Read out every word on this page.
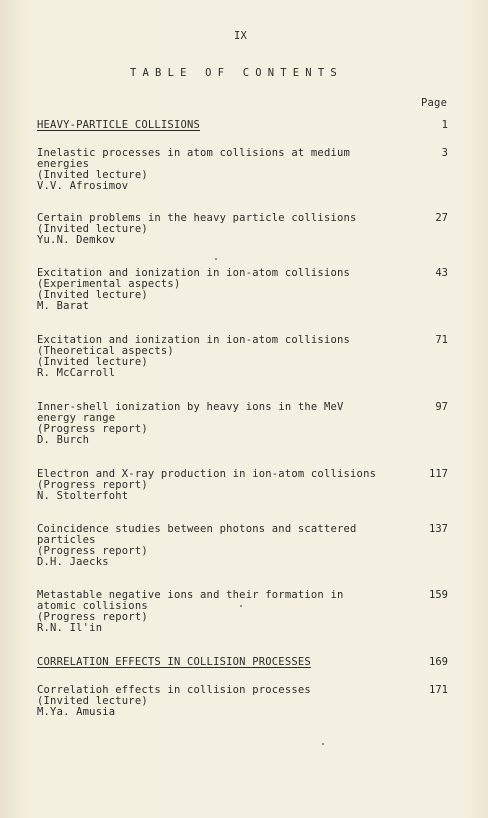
IX
TABLE OF CONTENTS
Page
HEAVY-PARTICLE COLLISIONS	1
Inelastic processes in atom collisions at medium
energies
(Invited lecture)
V.V. Afrosimov
3
Certain problems in the heavy particle collisions
(Invited lecture)
Yu.N. Demkov
27
Excitation and ionization in ion-atom collisions
(Experimental aspects)
(Invited lecture)
M. Barat
43
Excitation and ionization in ion-atom collisions
(Theoretical aspects)
(Invited lecture)
R. McCarroll
71
Inner-shell ionization by heavy ions in the MeV
energy range
(Progress report)
D. Burch
97
Electron and X-ray production in ion-atom collisions
(Progress report)
N. Stolterfoht
117
Coincidence studies between photons and scattered
particles
(Progress report)
D.H. Jaecks
137
Metastable negative ions and their formation in
atomic collisions
(Progress report)
R.N. Il'in
159
CORRELATION EFFECTS IN COLLISION PROCESSES	169
Correlatioh effects in collision processes
(Invited lecture)
M.Ya. Amusia
171
